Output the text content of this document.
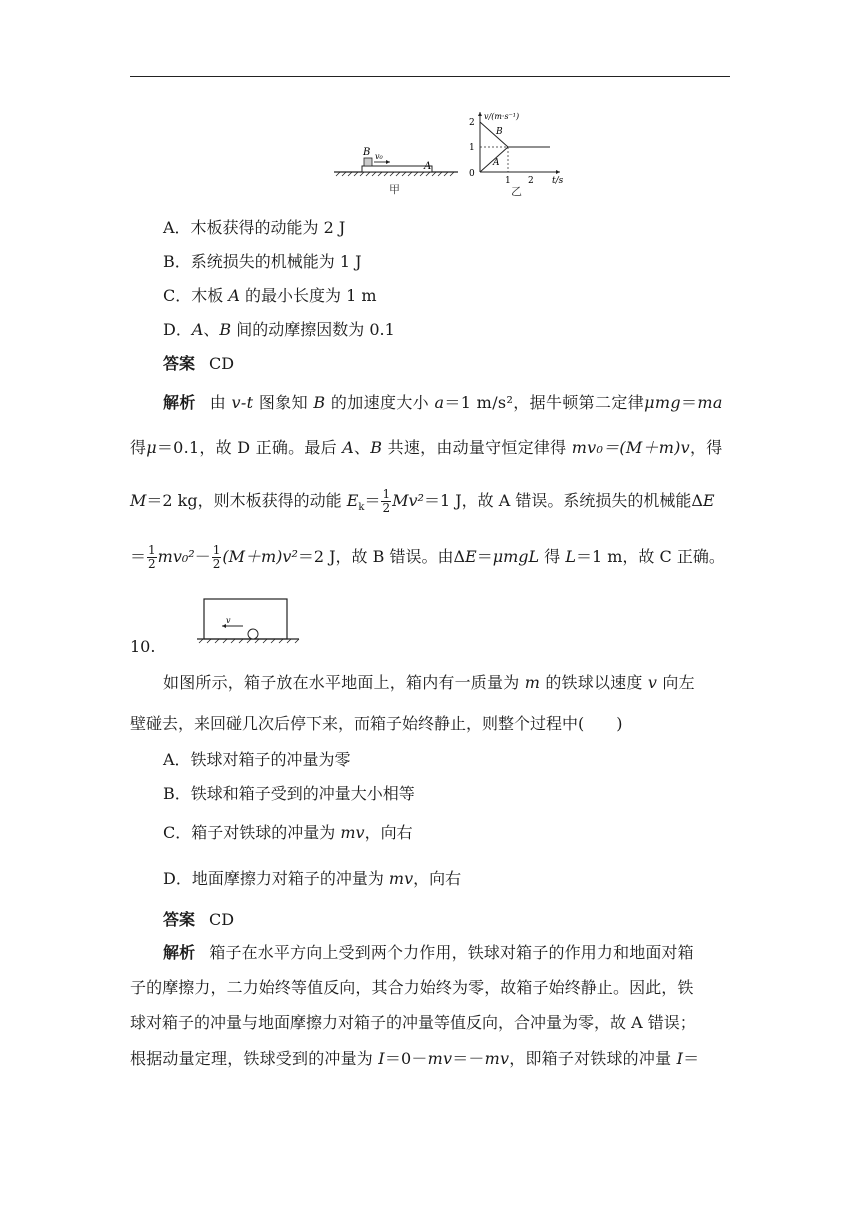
B v₀
A
甲
v/(m·s⁻¹)
2
1
0
1 2 t/s
B
A
乙
A．木板获得的动能为 2 J
B．系统损失的机械能为 1 J
C．木板 A 的最小长度为 1 m
D．A、B 间的动摩擦因数为 0.1
答案 CD
解析 由 v-t 图象知 B 的加速度大小 a＝1 m/s²，据牛顿第二定律μmg＝ma
得μ＝0.1，故 D 正确。最后 A、B 共速，由动量守恒定律得 mv₀＝(M＋m)v，得
M＝2 kg，则木板获得的动能 $E_k= \frac{1}{2} Mv^2=1$ J，故 A 错误。系统损失的机械能ΔE
＝ $\frac{1}{2} mv_0^2- \frac{1}{2} (M+m)v^2=2$ J，故 B 错误。由ΔE＝μmgL 得 L＝1 m，故 C 正确。
v
10.
如图所示，箱子放在水平地面上，箱内有一质量为 m 的铁球以速度 v 向左
壁碰去，来回碰几次后停下来，而箱子始终静止，则整个过程中(　　)
A．铁球对箱子的冲量为零
B．铁球和箱子受到的冲量大小相等
C．箱子对铁球的冲量为 mv，向右
D．地面摩擦力对箱子的冲量为 mv，向右
答案 CD
解析 箱子在水平方向上受到两个力作用，铁球对箱子的作用力和地面对箱
子的摩擦力，二力始终等值反向，其合力始终为零，故箱子始终静止。因此，铁
球对箱子的冲量与地面摩擦力对箱子的冲量等值反向，合冲量为零，故 A 错误；
根据动量定理，铁球受到的冲量为 I＝0－mv＝－mv，即箱子对铁球的冲量 I＝
